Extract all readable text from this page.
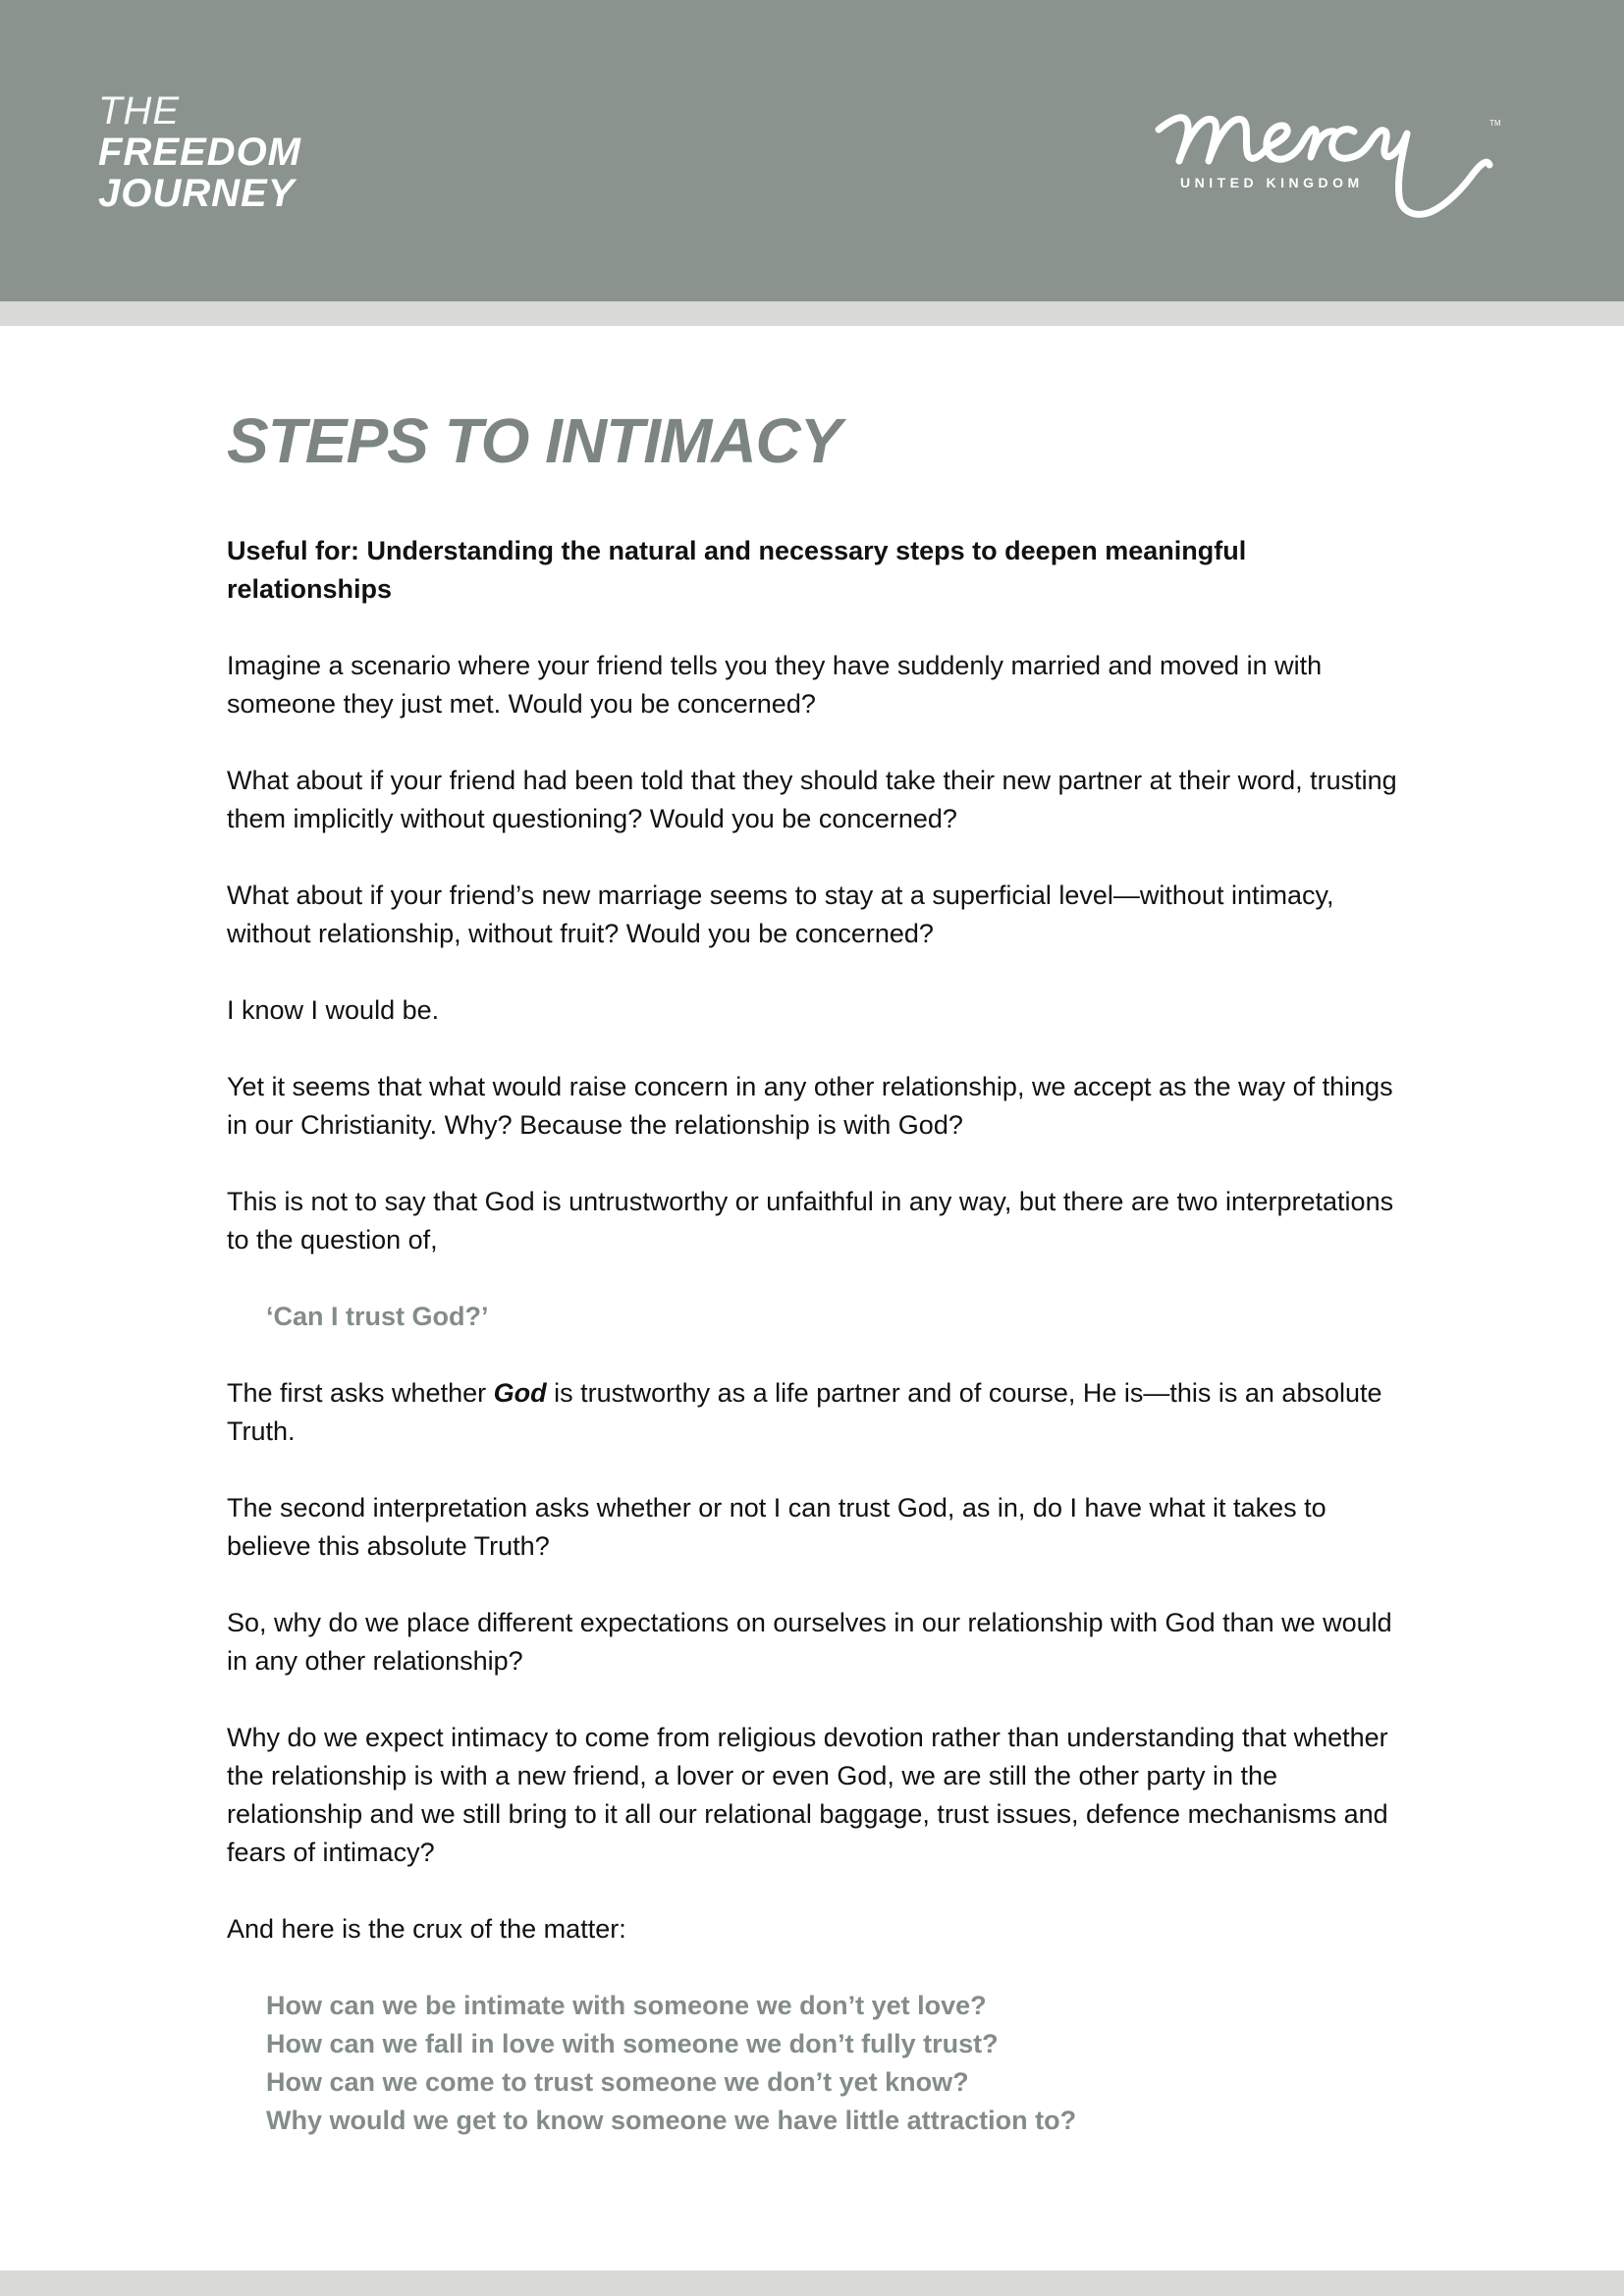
THE
FREEDOM
JOURNEY
TM
UNITED KINGDOM
STEPS TO INTIMACY

Useful for: Understanding the natural and necessary steps to deepen meaningful relationships

Imagine a scenario where your friend tells you they have suddenly married and moved in with someone they just met. Would you be concerned?

What about if your friend had been told that they should take their new partner at their word, trusting them implicitly without questioning? Would you be concerned?

What about if your friend’s new marriage seems to stay at a superficial level—without intimacy, without relationship, without fruit? Would you be concerned?

I know I would be.

Yet it seems that what would raise concern in any other relationship, we accept as the way of things in our Christianity. Why? Because the relationship is with God?

This is not to say that God is untrustworthy or unfaithful in any way, but there are two interpretations to the question of,

‘Can I trust God?’

The first asks whether God is trustworthy as a life partner and of course, He is—this is an absolute Truth.

The second interpretation asks whether or not I can trust God, as in, do I have what it takes to believe this absolute Truth?

So, why do we place different expectations on ourselves in our relationship with God than we would in any other relationship?

Why do we expect intimacy to come from religious devotion rather than understanding that whether the relationship is with a new friend, a lover or even God, we are still the other party in the relationship and we still bring to it all our relational baggage, trust issues, defence mechanisms and fears of intimacy?

And here is the crux of the matter:

How can we be intimate with someone we don’t yet love?
How can we fall in love with someone we don’t fully trust?
How can we come to trust someone we don’t yet know?
Why would we get to know someone we have little attraction to?
